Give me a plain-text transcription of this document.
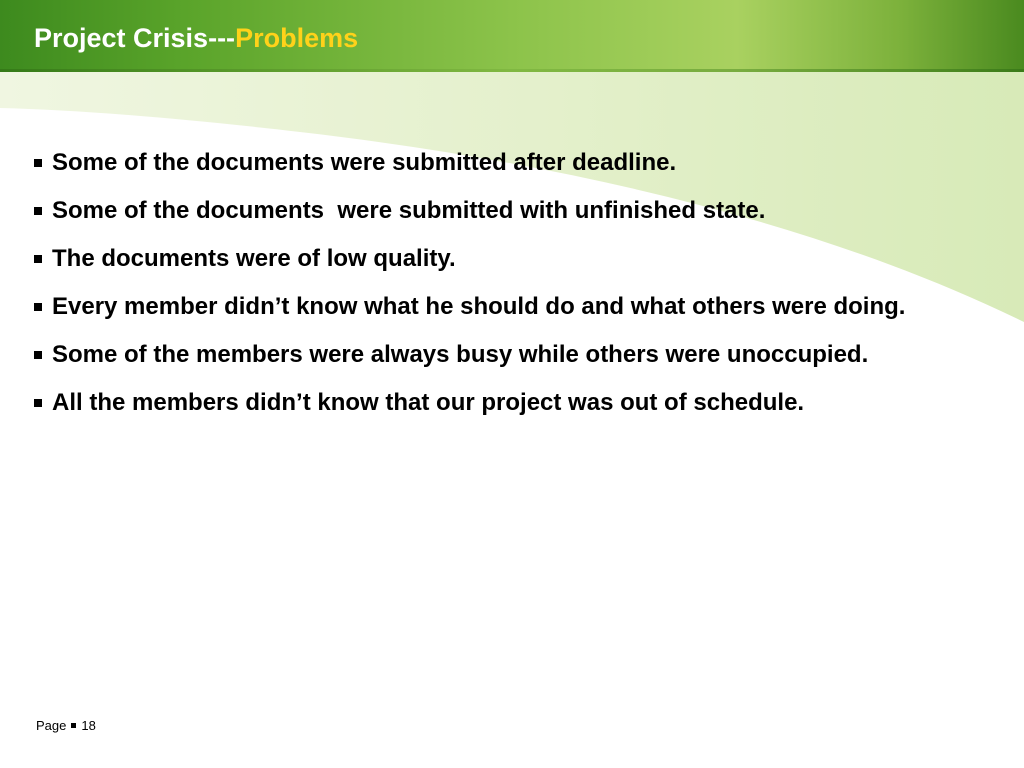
Project Crisis---Problems
Some of the documents were submitted after deadline.
Some of the documents  were submitted with unfinished state.
The documents were of low quality.
Every member didn’t know what he should do and what others were doing.
Some of the members were always busy while others were unoccupied.
All the members didn’t know that our project was out of schedule.
Page 18
